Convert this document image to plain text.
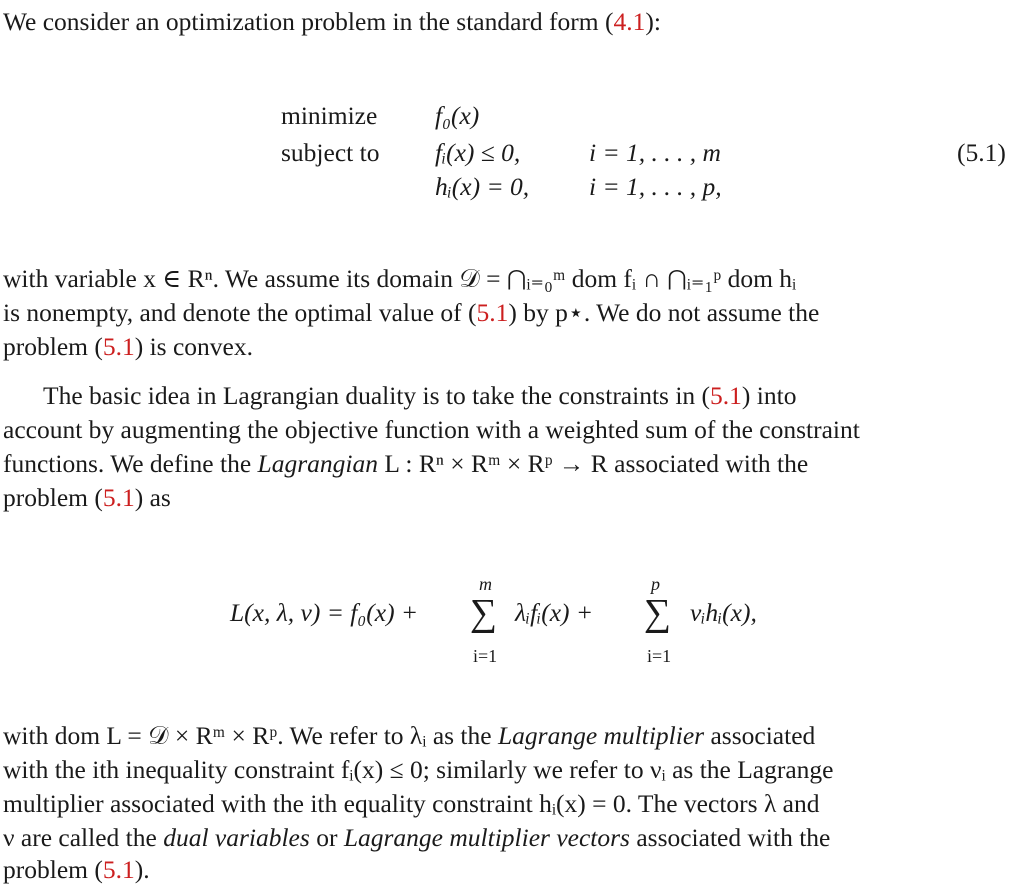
We consider an optimization problem in the standard form (4.1):
minimize
subject to
f₀(x)
fᵢ(x) ≤ 0,	i = 1, . . . , m
hᵢ(x) = 0, i = 1, . . . , p,
(5.1)
with variable x ∈ Rⁿ. We assume its domain 𝒟 = ⋂ᵢ₌₀ᵐ dom fᵢ ∩ ⋂ᵢ₌₁ᵖ dom hᵢ
is nonempty, and denote the optimal value of (5.1) by p⋆. We do not assume the
problem (5.1) is convex.
The basic idea in Lagrangian duality is to take the constraints in (5.1) into
account by augmenting the objective function with a weighted sum of the constraint
functions. We define the Lagrangian L : Rⁿ × Rᵐ × Rᵖ → R associated with the
problem (5.1) as
L(x, λ, ν) = f₀(x) +
m
∑
i=1
λᵢfᵢ(x) +
p
∑
i=1
νᵢhᵢ(x),
with dom L = 𝒟 × Rᵐ × Rᵖ. We refer to λᵢ as the Lagrange multiplier associated
with the ith inequality constraint fᵢ(x) ≤ 0; similarly we refer to νᵢ as the Lagrange
multiplier associated with the ith equality constraint hᵢ(x) = 0. The vectors λ and
ν are called the dual variables or Lagrange multiplier vectors associated with the
problem (5.1).
